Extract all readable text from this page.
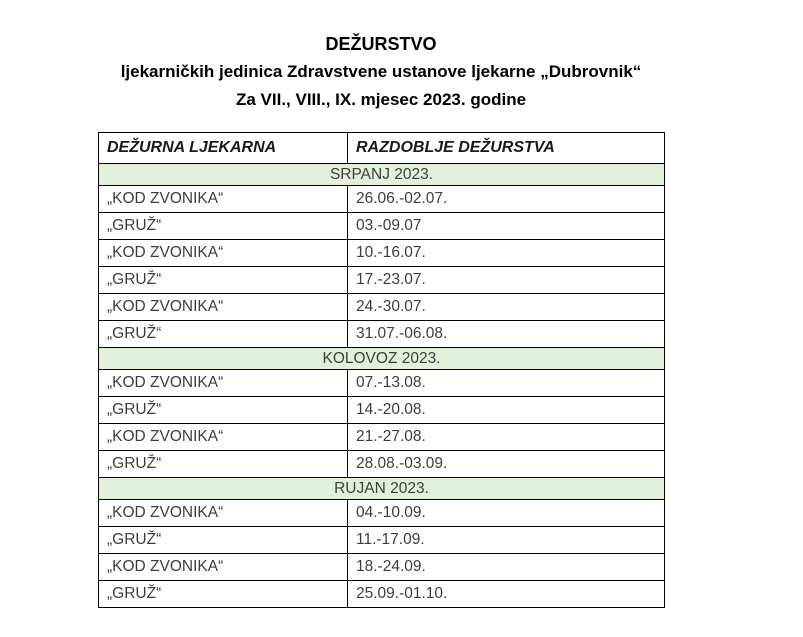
DEŽURSTVO
ljekarničkih jedinica Zdravstvene ustanove ljekarne „Dubrovnik“
Za VII., VIII., IX. mjesec 2023. godine
DEŽURNA LJEKARNA	RAZDOBLJE DEŽURSTVA
SRPANJ 2023.	
„KOD ZVONIKA“	26.06.-02.07.
„GRUŽ“	03.-09.07
„KOD ZVONIKA“	10.-16.07.
„GRUŽ“	17.-23.07.
„KOD ZVONIKA“	24.-30.07.
„GRUŽ“	31.07.-06.08.
KOLOVOZ 2023.	
„KOD ZVONIKA“	07.-13.08.
„GRUŽ“	14.-20.08.
„KOD ZVONIKA“	21.-27.08.
„GRUŽ“	28.08.-03.09.
RUJAN 2023.	
„KOD ZVONIKA“	04.-10.09.
„GRUŽ“	11.-17.09.
„KOD ZVONIKA“	18.-24.09.
„GRUŽ“	25.09.-01.10.
